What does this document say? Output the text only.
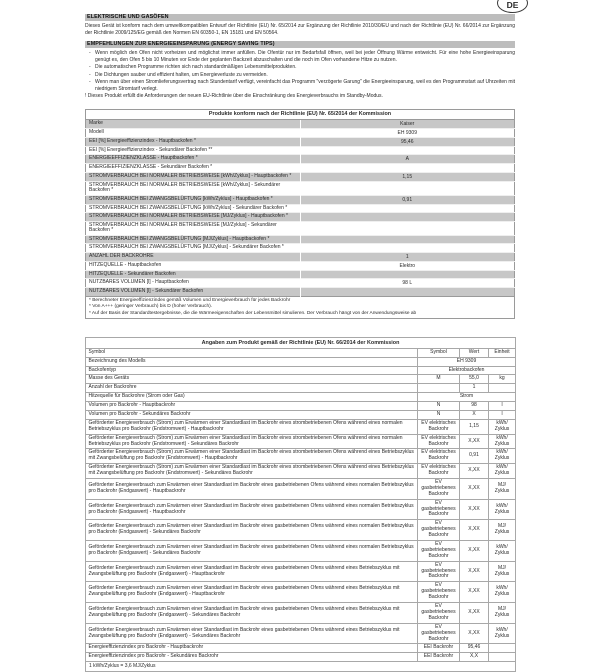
DE
ELEKTRISCHE UND GASÖFEN

Dieses Gerät ist konform nach dem umweltkompatiblen Entwurf der Richtlinie (EU) Nr. 65/2014 zur Ergänzung der Richtlinie 2010/30/EU und nach der Richtlinie (EU) Nr. 66/2014 zur Ergänzung der Richtlinie 2009/125/EG gemäß den Normen EN 60350-1, EN 15181 und EN 50564.

EMPFEHLUNGEN ZUR ENERGIEEINSPARUNG (ENERGY SAVING TIPS)
- Wenn möglich den Ofen nicht vorheizen und möglichst immer anfüllen. Die Ofentür nur im Bedarfsfall öffnen, weil bei jeder Öffnung Wärme entweicht. Für eine hohe Energieeinsparung genügt es, den Ofen 5 bis 10 Minuten vor Ende der geplanten Backzeit abzuschalten und die noch im Ofen vorhandene Hitze zu nutzen.
- Die automatischen Programme richten sich nach standardmäßigen Lebensmittelprodukten.
- Die Dichtungen sauber und effizient halten, um Energieverluste zu vermeiden.
- Wenn man über einen Stromlieferungsvertrag nach Stundentarif verfügt, vereinfacht das Programm "verzögerte Garung" die Energieeinsparung, weil es den Programmstart auf Uhrzeiten mit niedrigem Stromtarif verlegt.

! Dieses Produkt erfüllt die Anforderungen der neuen EU-Richtlinie über die Einschränkung des Energieverbrauchs im Standby-Modus.

Produkte konform nach der Richtlinie (EU) Nr. 65/2014 der Kommission	
Marke	Kaiser
Modell	EH 9309
EEI [%] Energieeffizienzindex - Hauptbackofen *	95,46
EEI [%] Energieeffizienzindex - Sekundärer Backofen **	
ENERGIEEFFIZIENZKLASSE - Hauptbackofen *	A
ENERGIEEFFIZIENZKLASSE - Sekundärer Backofen *	
STROMVERBRAUCH BEI NORMALER BETRIEBSWEISE [kWh/Zyklus] - Hauptbackofen *	1,15
STROMVERBRAUCH BEI NORMALER BETRIEBSWEISE [kWh/Zyklus] - Sekundärer Backofen *	
STROMVERBRAUCH BEI ZWANGSBELÜFTUNG [kWh/Zyklus] - Hauptbackofen *	0,91
STROMVERBRAUCH BEI ZWANGSBELÜFTUNG [kWh/Zyklus] - Sekundärer Backofen *	
STROMVERBRAUCH BEI NORMALER BETRIEBSWEISE [MJ/Zyklus] - Hauptbackofen *	
STROMVERBRAUCH BEI NORMALER BETRIEBSWEISE [MJ/Zyklus] - Sekundärer Backofen *	
STROMVERBRAUCH BEI ZWANGSBELÜFTUNG [MJ/Zyklus] - Hauptbackofen *	
STROMVERBRAUCH BEI ZWANGSBELÜFTUNG [MJ/Zyklus] - Sekundärer Backofen *	
ANZAHL DER BACKROHRE	1
HITZEQUELLE - Hauptbackofen	Elektro
HITZEQUELLE - Sekundärer Backofen	
NUTZBARES VOLUMEN [l] - Hauptbackofen	98 L
NUTZBARES VOLUMEN [l] - Sekundärer Backofen	

* Berechneter Energieeffizienzindex gemäß Volumen und Energieverbrauch für jedes Backrohr
* Von A+++ (geringer Verbrauch) bis D (hoher Verbrauch).
* Auf der Basis der Standardtestergebnisse, die die Wärmeeigenschaften der Lebensmittel simulieren. Der Verbrauch hängt von der Anwendungsweise ab	
Angaben zum Produkt gemäß der Richtlinie (EU) Nr. 66/2014 der Kommission			
Symbol	Symbol	Wert	Einheit
Bezeichnung des Modells	EH 9309		
Backofentyp	Elektrobackofen		
Masse des Geräts	M	55,0	kg
Anzahl der Backrohre		1	
Hitzequelle für Backrohre (Strom oder Gas)	Strom		
Volumen pro Backrohr - Hauptbackrohr	N	98	l
Volumen pro Backrohr - Sekundäres Backrohr	N	X	l
Geförderter Energieverbrauch (Strom) zum Erwärmen einer Standardlast im Backrohr eines strombetriebenen Ofens während eines normalen Betriebszyklus pro Backrohr (Endstromwert) - Hauptbackrohr	EV elektrisches Backrohr	1,15	kWh/ Zyklus
Geförderter Energieverbrauch (Strom) zum Erwärmen einer Standardlast im Backrohr eines strombetriebenen Ofens während eines normalen Betriebszyklus pro Backrohr (Endstromwert) - Sekundäres Backrohr	EV elektrisches Backrohr	X,XX	kWh/ Zyklus
Geförderter Energieverbrauch (Strom) zum Erwärmen einer Standardlast im Backrohr eines strombetriebenen Ofens während eines Betriebszyklus mit Zwangsbelüftung pro Backrohr (Endstromwert) - Hauptbackrohr	EV elektrisches Backrohr	0,91	kWh/ Zyklus
Geförderter Energieverbrauch (Strom) zum Erwärmen einer Standardlast im Backrohr eines strombetriebenen Ofens während eines Betriebszyklus mit Zwangsbelüftung pro Backrohr (Endstromwert) - Sekundäres Backrohr	EV elektrisches Backrohr	X,XX	kWh/ Zyklus
Geförderter Energieverbrauch zum Erwärmen einer Standardlast im Backrohr eines gasbetriebenen Ofens während eines normalen Betriebszyklus pro Backrohr (Endgaswert) - Hauptbackrohr	EV gasbetriebenes Backrohr	X,XX	MJ/ Zyklus
Geförderter Energieverbrauch zum Erwärmen einer Standardlast im Backrohr eines gasbetriebenen Ofens während eines normalen Betriebszyklus pro Backrohr (Endgaswert) - Hauptbackrohr	EV gasbetriebenes Backrohr	X,XX	kWh/ Zyklus
Geförderter Energieverbrauch zum Erwärmen einer Standardlast im Backrohr eines gasbetriebenen Ofens während eines normalen Betriebszyklus pro Backrohr (Endgaswert) - Sekundäres Backrohr	EV gasbetriebenes Backrohr	X,XX	MJ/ Zyklus
Geförderter Energieverbrauch zum Erwärmen einer Standardlast im Backrohr eines gasbetriebenen Ofens während eines normalen Betriebszyklus pro Backrohr (Endgaswert) - Sekundäres Backrohr	EV gasbetriebenes Backrohr	X,XX	kWh/ Zyklus
Geförderter Energieverbrauch zum Erwärmen einer Standardlast im Backrohr eines gasbetriebenen Ofens während eines Betriebszyklus mit Zwangsbelüftung pro Backrohr (Endgaswert) - Hauptbackrohr	EV gasbetriebenes Backrohr	X,XX	MJ/ Zyklus
Geförderter Energieverbrauch zum Erwärmen einer Standardlast im Backrohr eines gasbetriebenen Ofens während eines Betriebszyklus mit Zwangsbelüftung pro Backrohr (Endgaswert) - Hauptbackrohr	EV gasbetriebenes Backrohr	X,XX	kWh/ Zyklus
Geförderter Energieverbrauch zum Erwärmen einer Standardlast im Backrohr eines gasbetriebenen Ofens während eines Betriebszyklus mit Zwangsbelüftung pro Backrohr (Endgaswert) - Sekundäres Backrohr	EV gasbetriebenes Backrohr	X,XX	MJ/ Zyklus
Geförderter Energieverbrauch zum Erwärmen einer Standardlast im Backrohr eines gasbetriebenen Ofens während eines Betriebszyklus mit Zwangsbelüftung pro Backrohr (Endgaswert) - Sekundäres Backrohr	EV gasbetriebenes Backrohr	X,XX	kWh/ Zyklus
Energieeffizienzindex pro Backrohr - Hauptbackrohr	EEI Backrohr	95,46	
Energieeffizienzindex pro Backrohr - Sekundäres Backrohr	EEI Backrohr	X,X	
1 kWh/Zyklus = 3,6 MJ/Zyklus			
